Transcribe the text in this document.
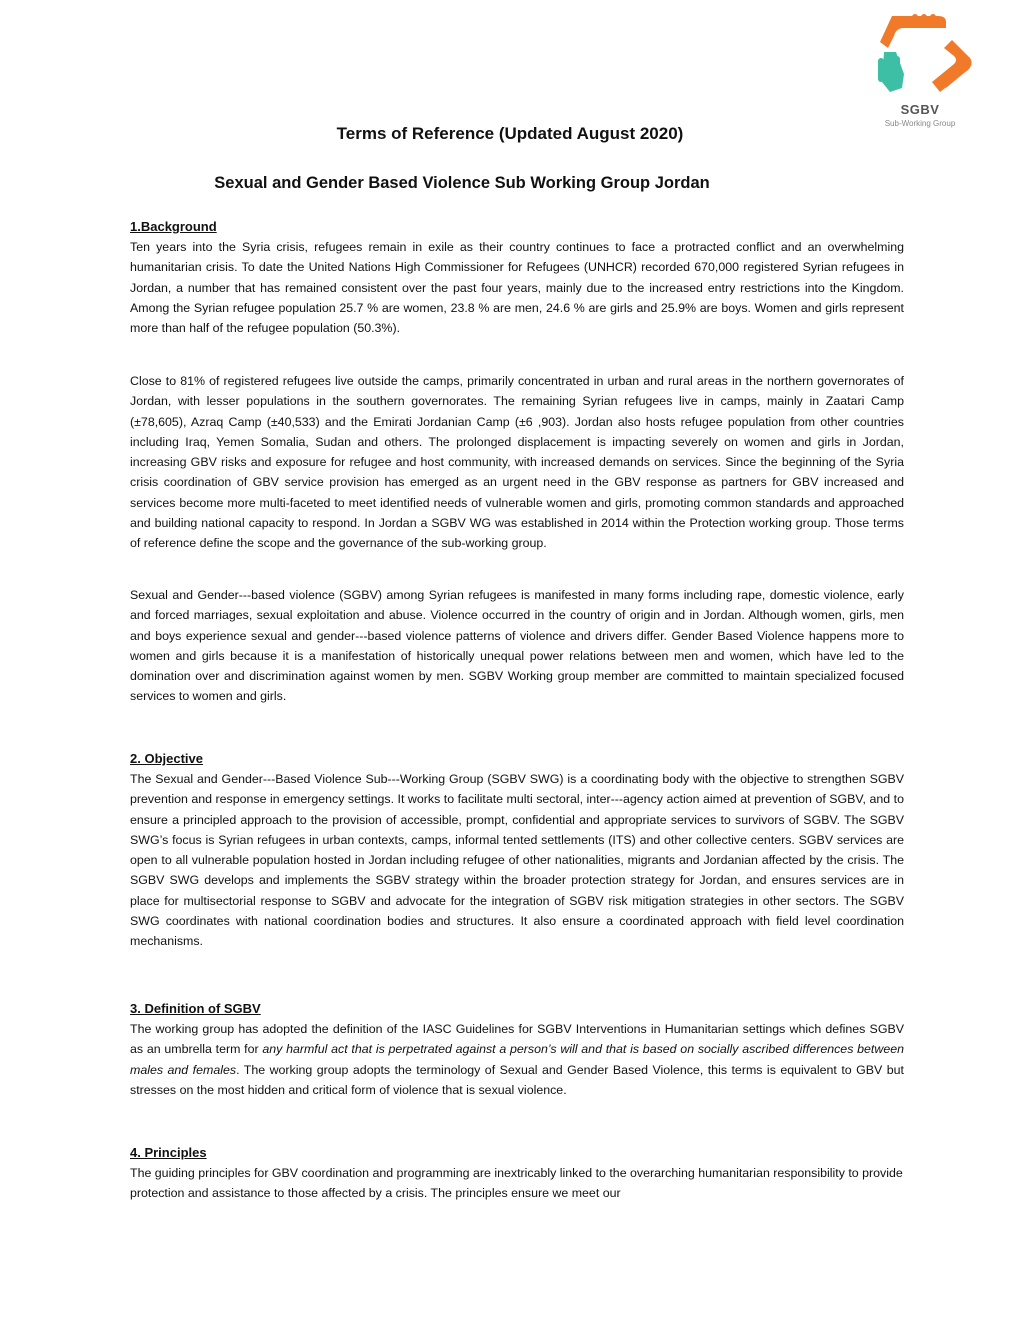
SGBV
Sub-Working Group
Terms of Reference (Updated August 2020)
Sexual and Gender Based Violence Sub Working Group Jordan
1.Background
Ten years into the Syria crisis, refugees remain in exile as their country continues to face a protracted conflict and an overwhelming humanitarian crisis. To date the United Nations High Commissioner for Refugees (UNHCR) recorded 670,000 registered Syrian refugees in Jordan, a number that has remained consistent over the past four years, mainly due to the increased entry restrictions into the Kingdom. Among the Syrian refugee population 25.7 % are women, 23.8 % are men, 24.6 % are girls and 25.9% are boys. Women and girls represent more than half of the refugee population (50.3%).
Close to 81% of registered refugees live outside the camps, primarily concentrated in urban and rural areas in the northern governorates of Jordan, with lesser populations in the southern governorates. The remaining Syrian refugees live in camps, mainly in Zaatari Camp (±78,605), Azraq Camp (±40,533) and the Emirati Jordanian Camp (±6 ,903). Jordan also hosts refugee population from other countries including Iraq, Yemen Somalia, Sudan and others. The prolonged displacement is impacting severely on women and girls in Jordan, increasing GBV risks and exposure for refugee and host community, with increased demands on services. Since the beginning of the Syria crisis coordination of GBV service provision has emerged as an urgent need in the GBV response as partners for GBV increased and services become more multi-faceted to meet identified needs of vulnerable women and girls, promoting common standards and approached and building national capacity to respond. In Jordan a SGBV WG was established in 2014 within the Protection working group. Those terms of reference define the scope and the governance of the sub-working group.
Sexual and Gender---based violence (SGBV) among Syrian refugees is manifested in many forms including rape, domestic violence, early and forced marriages, sexual exploitation and abuse. Violence occurred in the country of origin and in Jordan. Although women, girls, men and boys experience sexual and gender---based violence patterns of violence and drivers differ. Gender Based Violence happens more to women and girls because it is a manifestation of historically unequal power relations between men and women, which have led to the domination over and discrimination against women by men. SGBV Working group member are committed to maintain specialized focused services to women and girls.
2. Objective
The Sexual and Gender---Based Violence Sub---Working Group (SGBV SWG) is a coordinating body with the objective to strengthen SGBV prevention and response in emergency settings. It works to facilitate multi sectoral, inter---agency action aimed at prevention of SGBV, and to ensure a principled approach to the provision of accessible, prompt, confidential and appropriate services to survivors of SGBV. The SGBV SWG’s focus is Syrian refugees in urban contexts, camps, informal tented settlements (ITS) and other collective centers. SGBV services are open to all vulnerable population hosted in Jordan including refugee of other nationalities, migrants and Jordanian affected by the crisis. The SGBV SWG develops and implements the SGBV strategy within the broader protection strategy for Jordan, and ensures services are in place for multisectorial response to SGBV and advocate for the integration of SGBV risk mitigation strategies in other sectors. The SGBV SWG coordinates with national coordination bodies and structures. It also ensure a coordinated approach with field level coordination mechanisms.
3. Definition of SGBV
The working group has adopted the definition of the IASC Guidelines for SGBV Interventions in Humanitarian settings which defines SGBV as an umbrella term for any harmful act that is perpetrated against a person’s will and that is based on socially ascribed differences between males and females. The working group adopts the terminology of Sexual and Gender Based Violence, this terms is equivalent to GBV but stresses on the most hidden and critical form of violence that is sexual violence.
4. Principles
The guiding principles for GBV coordination and programming are inextricably linked to the overarching humanitarian responsibility to provide protection and assistance to those affected by a crisis. The principles ensure we meet our
